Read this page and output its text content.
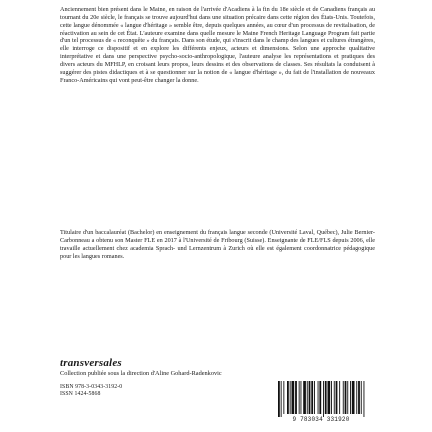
Anciennement bien présent dans le Maine, en raison de l'arrivée d'Acadiens à la fin du 18e siècle et de Canadiens français au tournant du 20e siècle, le français se trouve aujourd'hui dans une situation précaire dans cette région des États-Unis. Toutefois, cette langue dénommée « langue d'héritage » semble être, depuis quelques années, au cœur d'un processus de revitalisation, de réactivation au sein de cet État. L'auteure examine dans quelle mesure le Maine French Heritage Language Program fait partie d'un tel processus de « reconquête » du français. Dans son étude, qui s'inscrit dans le champ des langues et cultures étrangères, elle interroge ce dispositif et en explore les différents enjeux, acteurs et dimensions. Selon une approche qualitative interprétative et dans une perspective psycho-socio-anthropologique, l'auteure analyse les représentations et pratiques des divers acteurs du MFHLP, en croisant leurs propos, leurs dessins et des observations de classes. Ses résultats la conduisent à suggérer des pistes didactiques et à se questionner sur la notion de « langue d'héritage », du fait de l'installation de nouveaux Franco-Américains qui vont peut-être changer la donne.

Titulaire d'un baccalauréat (Bachelor) en enseignement du français langue seconde (Université Laval, Québec), Julie Bernier-Carbonneau a obtenu son Master FLE en 2017 à l'Université de Fribourg (Suisse). Enseignante de FLE/FLS depuis 2006, elle travaille actuellement chez academia Sprach- und Lernzentrum à Zurich où elle est également coordonnatrice pédagogique pour les langues romanes.

transversales
Collection publiée sous la direction d'Aline Gohard-Radenkovic
ISBN 978-3-0343-3192-0
ISSN 1424-5868
9 783034 331920
